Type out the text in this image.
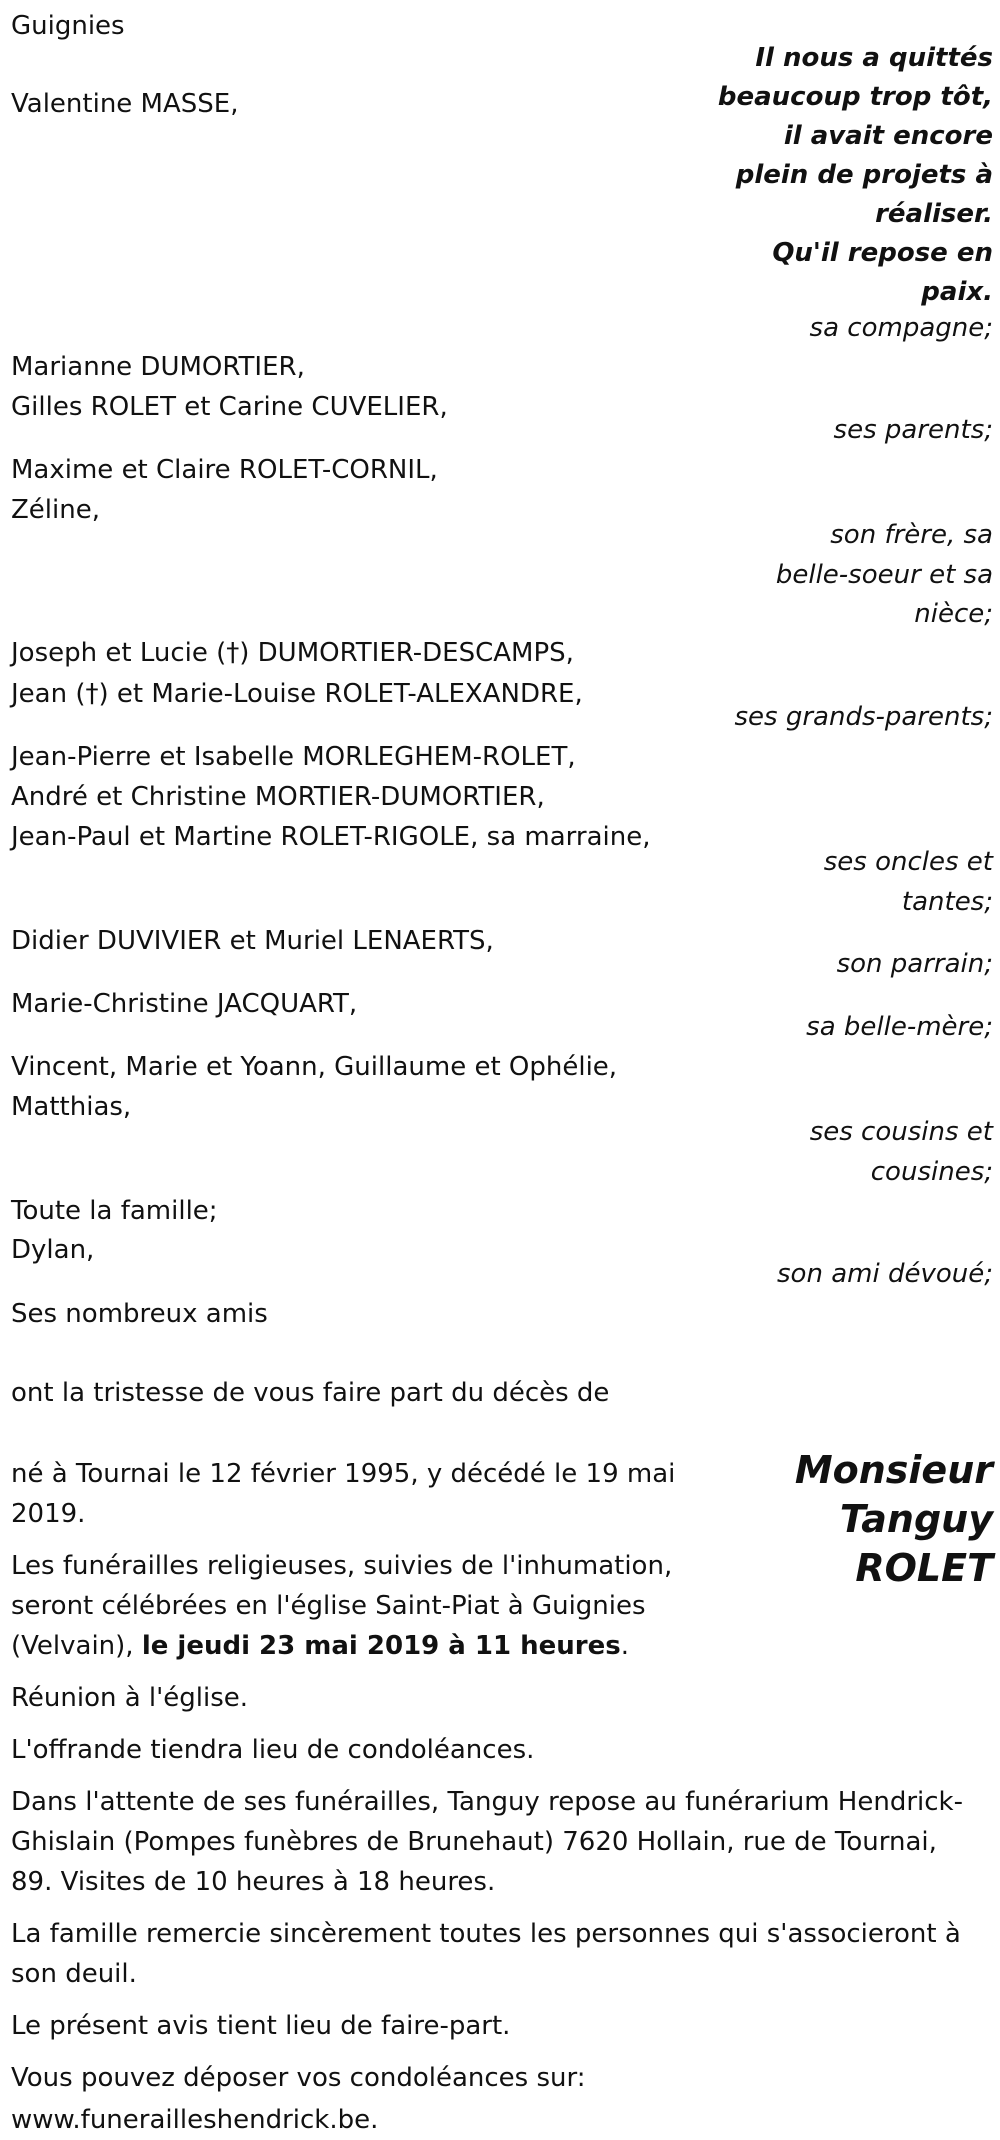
Guignies
Il nous a quittés
beaucoup trop tôt,
il avait encore
plein de projets à
réaliser.
Qu'il repose en
paix.
Valentine MASSE,
sa compagne;
Marianne DUMORTIER,
Gilles ROLET et Carine CUVELIER,
ses parents;
Maxime et Claire ROLET-CORNIL,
Zéline,
son frère, sa
belle-soeur et sa
nièce;
Joseph et Lucie (†) DUMORTIER-DESCAMPS,
Jean (†) et Marie-Louise ROLET-ALEXANDRE,
ses grands-parents;
Jean-Pierre et Isabelle MORLEGHEM-ROLET,
André et Christine MORTIER-DUMORTIER,
Jean-Paul et Martine ROLET-RIGOLE, sa marraine,
ses oncles et
tantes;
Didier DUVIVIER et Muriel LENAERTS,
son parrain;
Marie-Christine JACQUART,
sa belle-mère;
Vincent, Marie et Yoann, Guillaume et Ophélie,
Matthias,
ses cousins et
cousines;
Toute la famille;
Dylan,
son ami dévoué;
Ses nombreux amis
ont la tristesse de vous faire part du décès de
Monsieur
Tanguy
ROLET
né à Tournai le 12 février 1995, y décédé le 19 mai
2019.
Les funérailles religieuses, suivies de l'inhumation,
seront célébrées en l'église Saint-Piat à Guignies
(Velvain), le jeudi 23 mai 2019 à 11 heures.
Réunion à l'église.
L'offrande tiendra lieu de condoléances.
Dans l'attente de ses funérailles, Tanguy repose au funérarium Hendrick-
Ghislain (Pompes funèbres de Brunehaut) 7620 Hollain, rue de Tournai,
89. Visites de 10 heures à 18 heures.
La famille remercie sincèrement toutes les personnes qui s'associeront à
son deuil.
Le présent avis tient lieu de faire-part.
Vous pouvez déposer vos condoléances sur:
www.funerailleshendrick.be.
